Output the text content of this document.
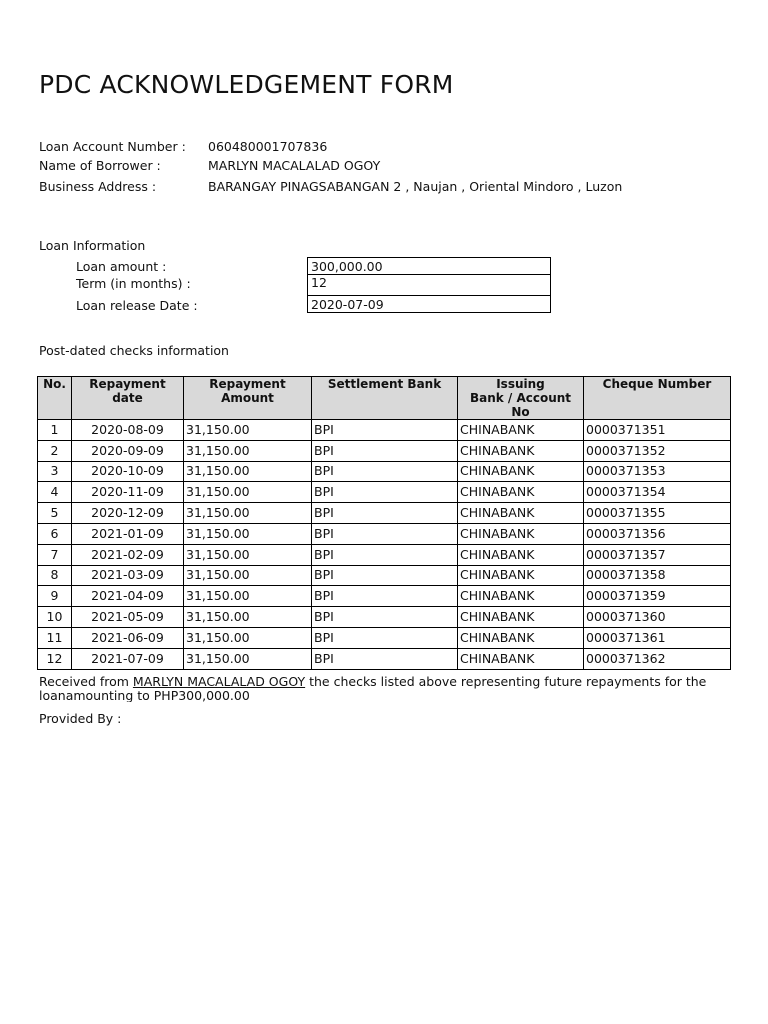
PDC ACKNOWLEDGEMENT FORM
Loan Account Number : 060480001707836
Name of Borrower :	MARLYN MACALALAD OGOY
Business Address :	BARANGAY PINAGSABANGAN 2 , Naujan , Oriental Mindoro , Luzon
Loan Information
Loan amount :	300,000.00
Term (in months) :	12
Loan release Date :	2020-07-09
Post-dated checks information
No.	Repayment date	Repayment Amount	Settlement Bank	Issuing
Bank / Account No	Cheque Number
1	2020-08-09	31,150.00	BPI	CHINABANK	0000371351
2	2020-09-09	31,150.00	BPI	CHINABANK	0000371352
3	2020-10-09	31,150.00	BPI	CHINABANK	0000371353
4	2020-11-09	31,150.00	BPI	CHINABANK	0000371354
5	2020-12-09	31,150.00	BPI	CHINABANK	0000371355
6	2021-01-09	31,150.00	BPI	CHINABANK	0000371356
7	2021-02-09	31,150.00	BPI	CHINABANK	0000371357
8	2021-03-09	31,150.00	BPI	CHINABANK	0000371358
9	2021-04-09	31,150.00	BPI	CHINABANK	0000371359
10	2021-05-09	31,150.00	BPI	CHINABANK	0000371360
11	2021-06-09	31,150.00	BPI	CHINABANK	0000371361
12	2021-07-09	31,150.00	BPI	CHINABANK	0000371362
Received from MARLYN MACALALAD OGOY the checks listed above representing future repayments for the loanamounting to PHP300,000.00
Provided By :
